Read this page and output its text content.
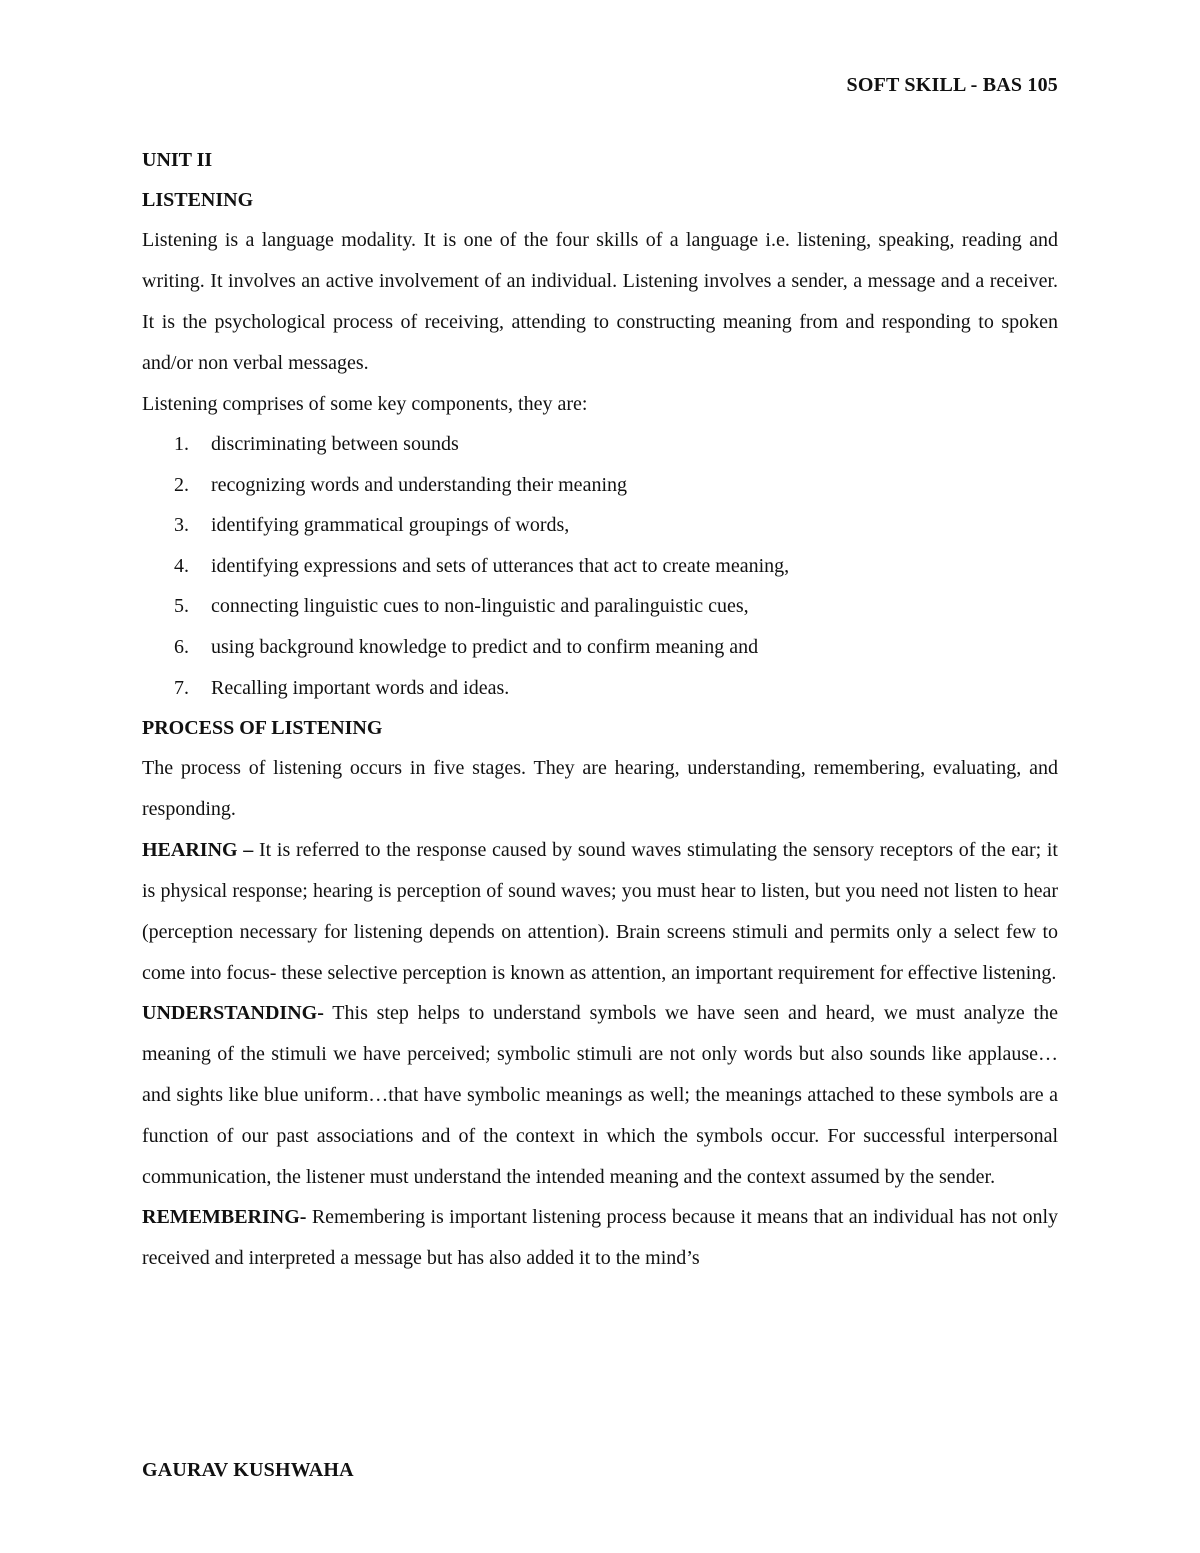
SOFT SKILL - BAS 105

UNIT II

LISTENING

Listening is a language modality. It is one of the four skills of a language i.e. listening, speaking, reading and writing. It involves an active involvement of an individual. Listening involves a sender, a message and a receiver. It is the psychological process of receiving, attending to constructing meaning from and responding to spoken and/or non verbal messages.

Listening comprises of some key components, they are:

1. discriminating between sounds
2. recognizing words and understanding their meaning
3. identifying grammatical groupings of words,
4. identifying expressions and sets of utterances that act to create meaning,
5. connecting linguistic cues to non-linguistic and paralinguistic cues,
6. using background knowledge to predict and to confirm meaning and
7. Recalling important words and ideas.

PROCESS OF LISTENING

The process of listening occurs in five stages. They are hearing, understanding, remembering, evaluating, and responding.

HEARING – It is referred to the response caused by sound waves stimulating the sensory receptors of the ear; it is physical response; hearing is perception of sound waves; you must hear to listen, but you need not listen to hear (perception necessary for listening depends on attention). Brain screens stimuli and permits only a select few to come into focus- these selective perception is known as attention, an important requirement for effective listening.

UNDERSTANDING- This step helps to understand symbols we have seen and heard, we must analyze the meaning of the stimuli we have perceived; symbolic stimuli are not only words but also sounds like applause… and sights like blue uniform…that have symbolic meanings as well; the meanings attached to these symbols are a function of our past associations and of the context in which the symbols occur. For successful interpersonal communication, the listener must understand the intended meaning and the context assumed by the sender.

REMEMBERING- Remembering is important listening process because it means that an individual has not only received and interpreted a message but has also added it to the mind’s

GAURAV KUSHWAHA
